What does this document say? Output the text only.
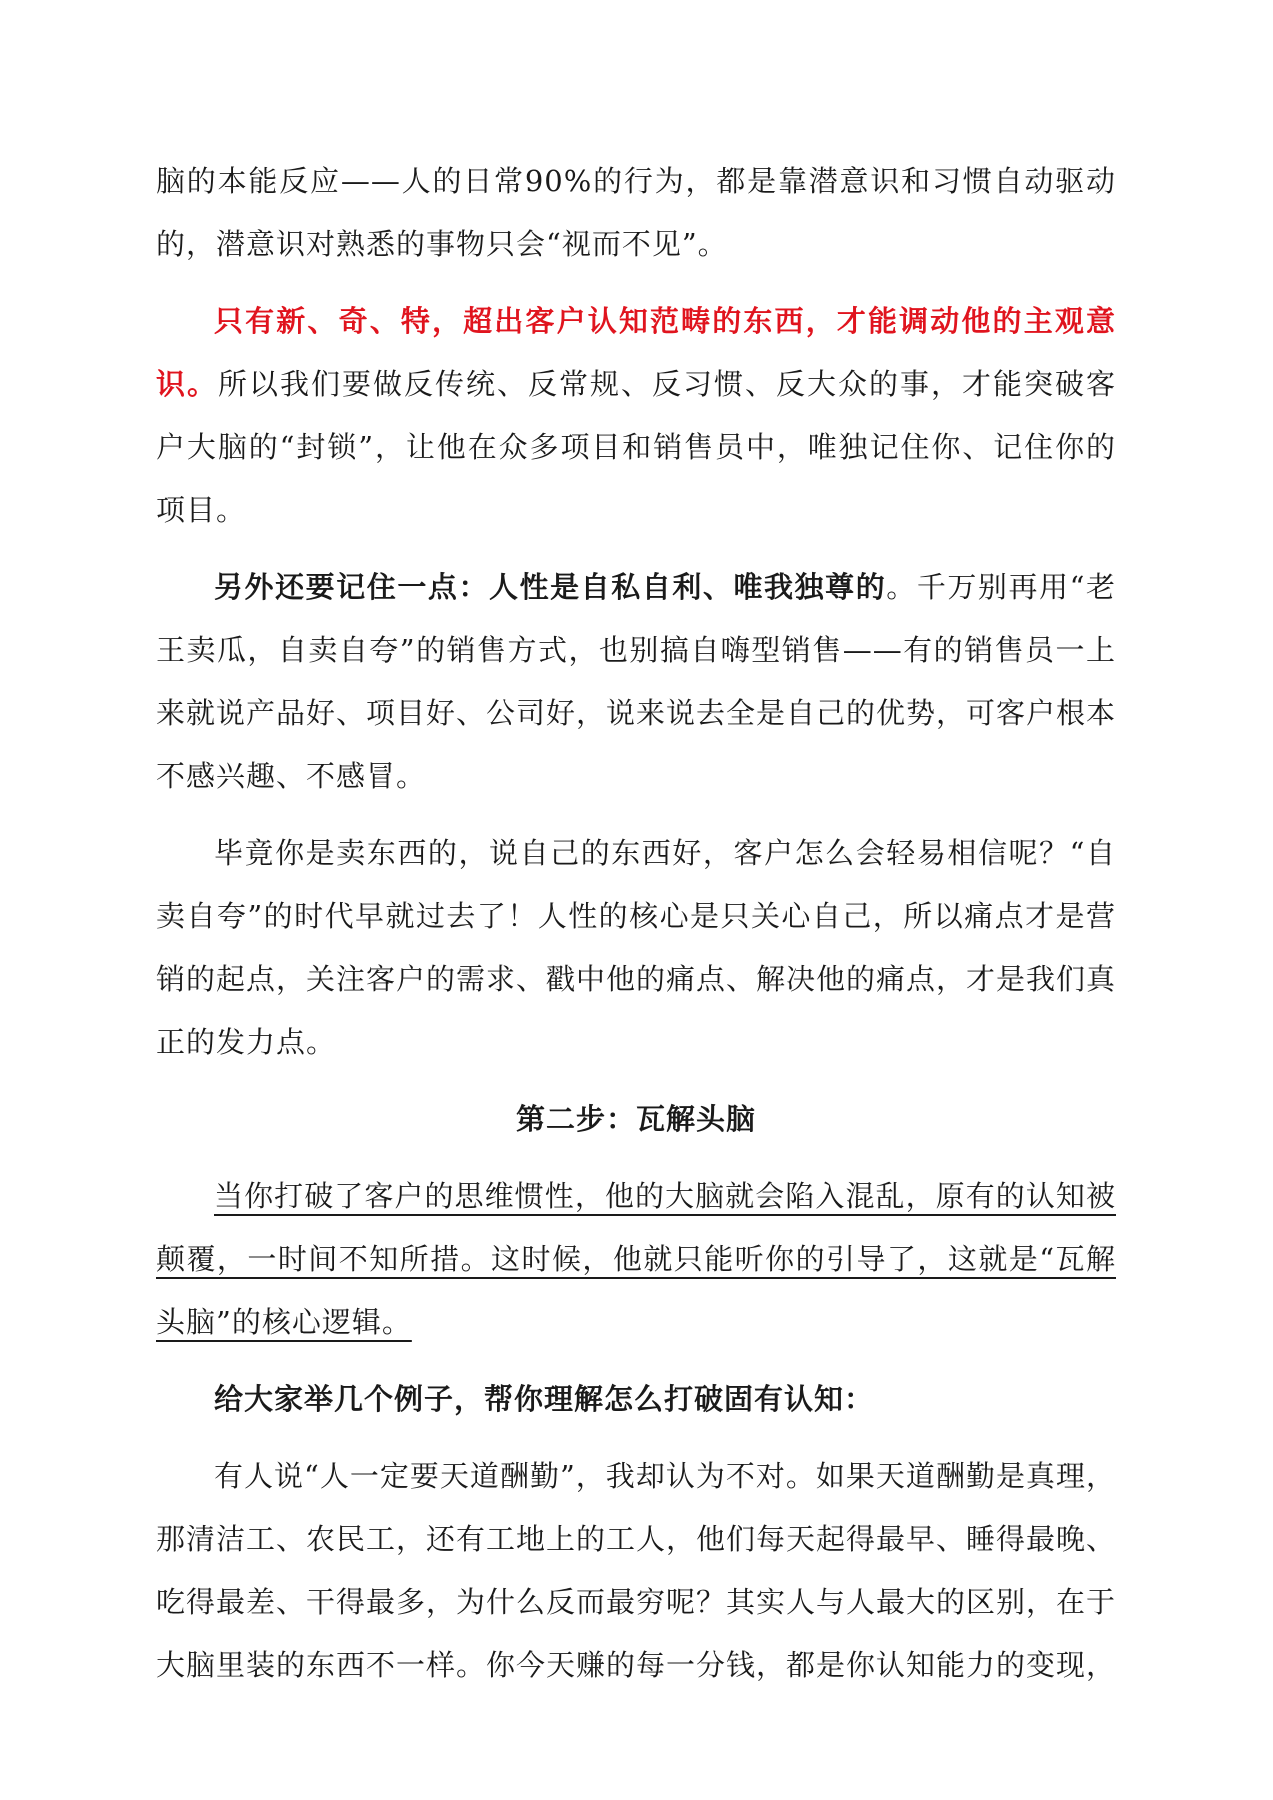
脑的本能反应——人的日常90%的行为，都是靠潜意识和习惯自动驱动的，潜意识对熟悉的事物只会“视而不见”。

只有新、奇、特，超出客户认知范畴的东西，才能调动他的主观意识。所以我们要做反传统、反常规、反习惯、反大众的事，才能突破客户大脑的“封锁”，让他在众多项目和销售员中，唯独记住你、记住你的项目。

另外还要记住一点：人性是自私自利、唯我独尊的。千万别再用“老王卖瓜，自卖自夸”的销售方式，也别搞自嗨型销售——有的销售员一上来就说产品好、项目好、公司好，说来说去全是自己的优势，可客户根本不感兴趣、不感冒。

毕竟你是卖东西的，说自己的东西好，客户怎么会轻易相信呢？“自卖自夸”的时代早就过去了！人性的核心是只关心自己，所以痛点才是营销的起点，关注客户的需求、戳中他的痛点、解决他的痛点，才是我们真正的发力点。

第二步：瓦解头脑

当你打破了客户的思维惯性，他的大脑就会陷入混乱，原有的认知被颠覆，一时间不知所措。这时候，他就只能听你的引导了，这就是“瓦解头脑”的核心逻辑。

给大家举几个例子，帮你理解怎么打破固有认知：

有人说“人一定要天道酬勤”，我却认为不对。如果天道酬勤是真理，那清洁工、农民工，还有工地上的工人，他们每天起得最早、睡得最晚、吃得最差、干得最多，为什么反而最穷呢？其实人与人最大的区别，在于大脑里装的东西不一样。你今天赚的每一分钱，都是你认知能力的变现，
